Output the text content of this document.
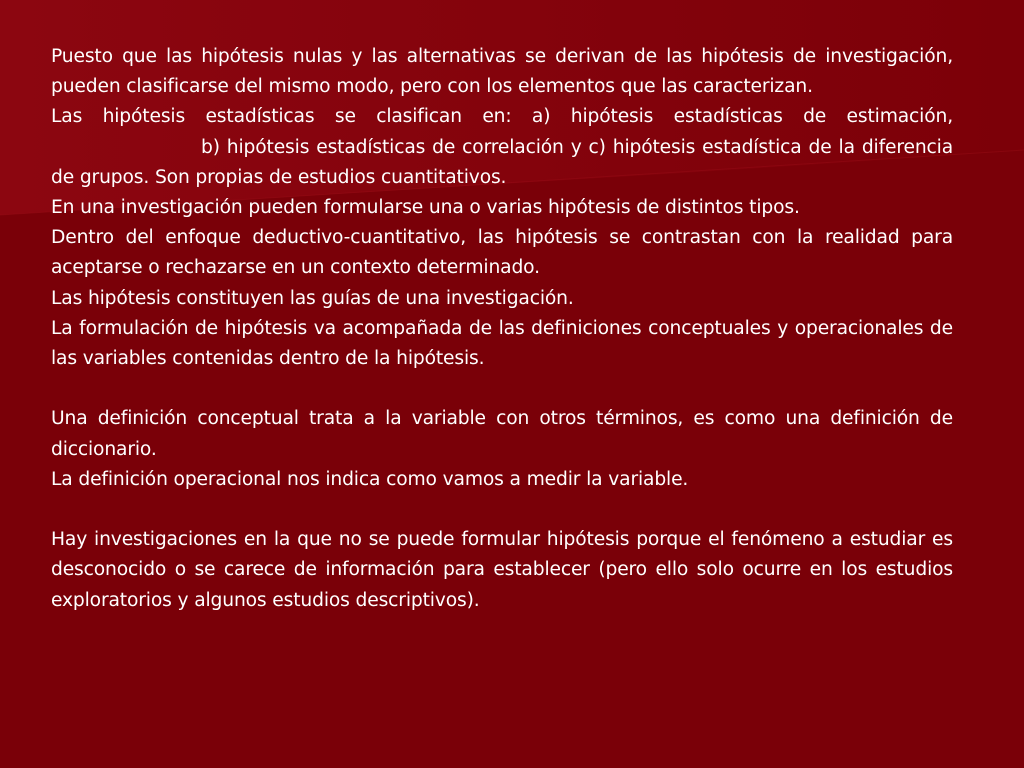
Puesto que las hipótesis nulas y las alternativas se derivan de las hipótesis de investigación, pueden clasificarse del mismo modo, pero con los elementos que las caracterizan.

Las hipótesis estadísticas se clasifican en: a) hipótesis estadísticas de estimación,b) hipótesis estadísticas de correlación y c) hipótesis estadística de la diferencia de grupos. Son propias de estudios cuantitativos.

En una investigación pueden formularse una o varias hipótesis de distintos tipos.

Dentro del enfoque deductivo-cuantitativo, las hipótesis se contrastan con la realidad para aceptarse o rechazarse en un contexto determinado.

Las hipótesis constituyen las guías de una investigación.

La formulación de hipótesis va acompañada de las definiciones conceptuales y operacionales de las variables contenidas dentro de la hipótesis.

Una definición conceptual trata a la variable con otros términos, es como una definición de diccionario.

La definición operacional nos indica como vamos a medir la variable.

Hay investigaciones en la que no se puede formular hipótesis porque el fenómeno a estudiar es desconocido o se carece de información para establecer (pero ello solo ocurre en los estudios exploratorios y algunos estudios descriptivos).
